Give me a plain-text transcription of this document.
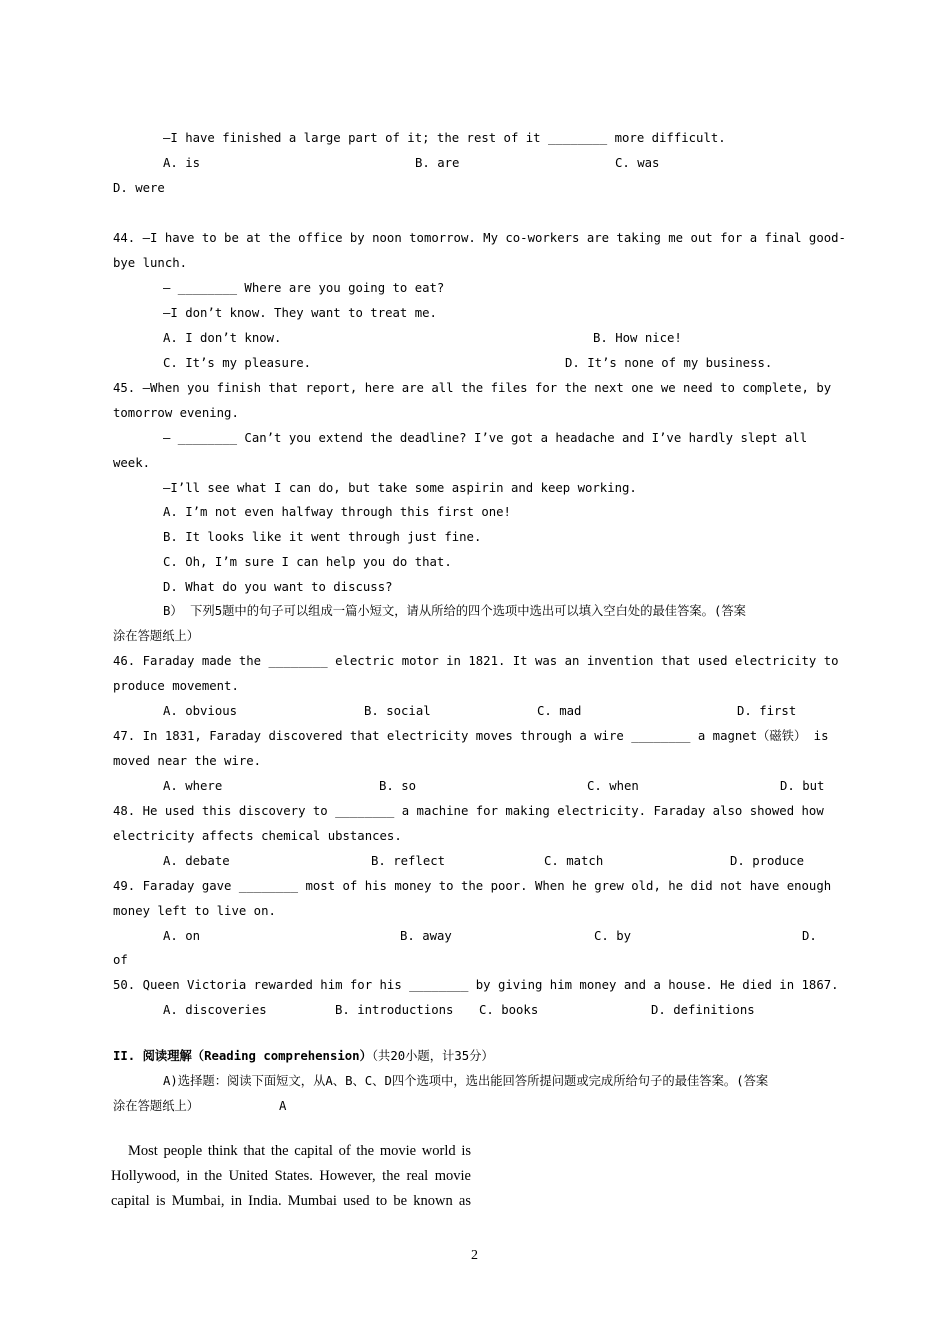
—I have finished a large part of it; the rest of it ________ more difficult.
A. is	B. are	C. was
D. were
44. —I have to be at the office by noon tomorrow. My co-workers are taking me out for a final good-
bye lunch.
— ________ Where are you going to eat?
—I don’t know. They want to treat me.
A. I don’t know.	B. How nice!
C. It’s my pleasure.	D. It’s none of my business.
45. —When you finish that report, here are all the files for the next one we need to complete, by
tomorrow evening.
— ________ Can’t you extend the deadline? I’ve got a headache and I’ve hardly slept all
week.
—I’ll see what I can do, but take some aspirin and keep working.
A. I’m not even halfway through this first one!
B. It looks like it went through just fine.
C. Oh, I’m sure I can help you do that.
D. What do you want to discuss?
B） 下列5题中的句子可以组成一篇小短文，请从所给的四个选项中选出可以填入空白处的最佳答案。(答案
涂在答题纸上）
46. Faraday made the ________ electric motor in 1821. It was an invention that used electricity to
produce movement.
A. obvious	B. social	C. mad	D. first
47. In 1831, Faraday discovered that electricity moves through a wire ________ a magnet（磁铁） is
moved near the wire.
A. where	B. so	C. when	D. but
48. He used this discovery to ________ a machine for making electricity. Faraday also showed how
electricity affects chemical ubstances.
A. debate	B. reflect	C. match	D. produce
49. Faraday gave ________ most of his money to the poor. When he grew old, he did not have enough
money left to live on.
A. on	B. away	C. by	D.
of
50. Queen Victoria rewarded him for his ________ by giving him money and a house. He died in 1867.
A. discoveries	B. introductions C. books	D. definitions
II. 阅读理解（Reading comprehension）（共20小题，计35分）
A)选择题：阅读下面短文，从A、B、C、D四个选项中，选出能回答所提问题或完成所给句子的最佳答案。(答案
涂在答题纸上）	A
Most people think that the capital of the movie world is
Hollywood, in the United States. However, the real movie
capital is Mumbai, in India. Mumbai used to be known as
2
